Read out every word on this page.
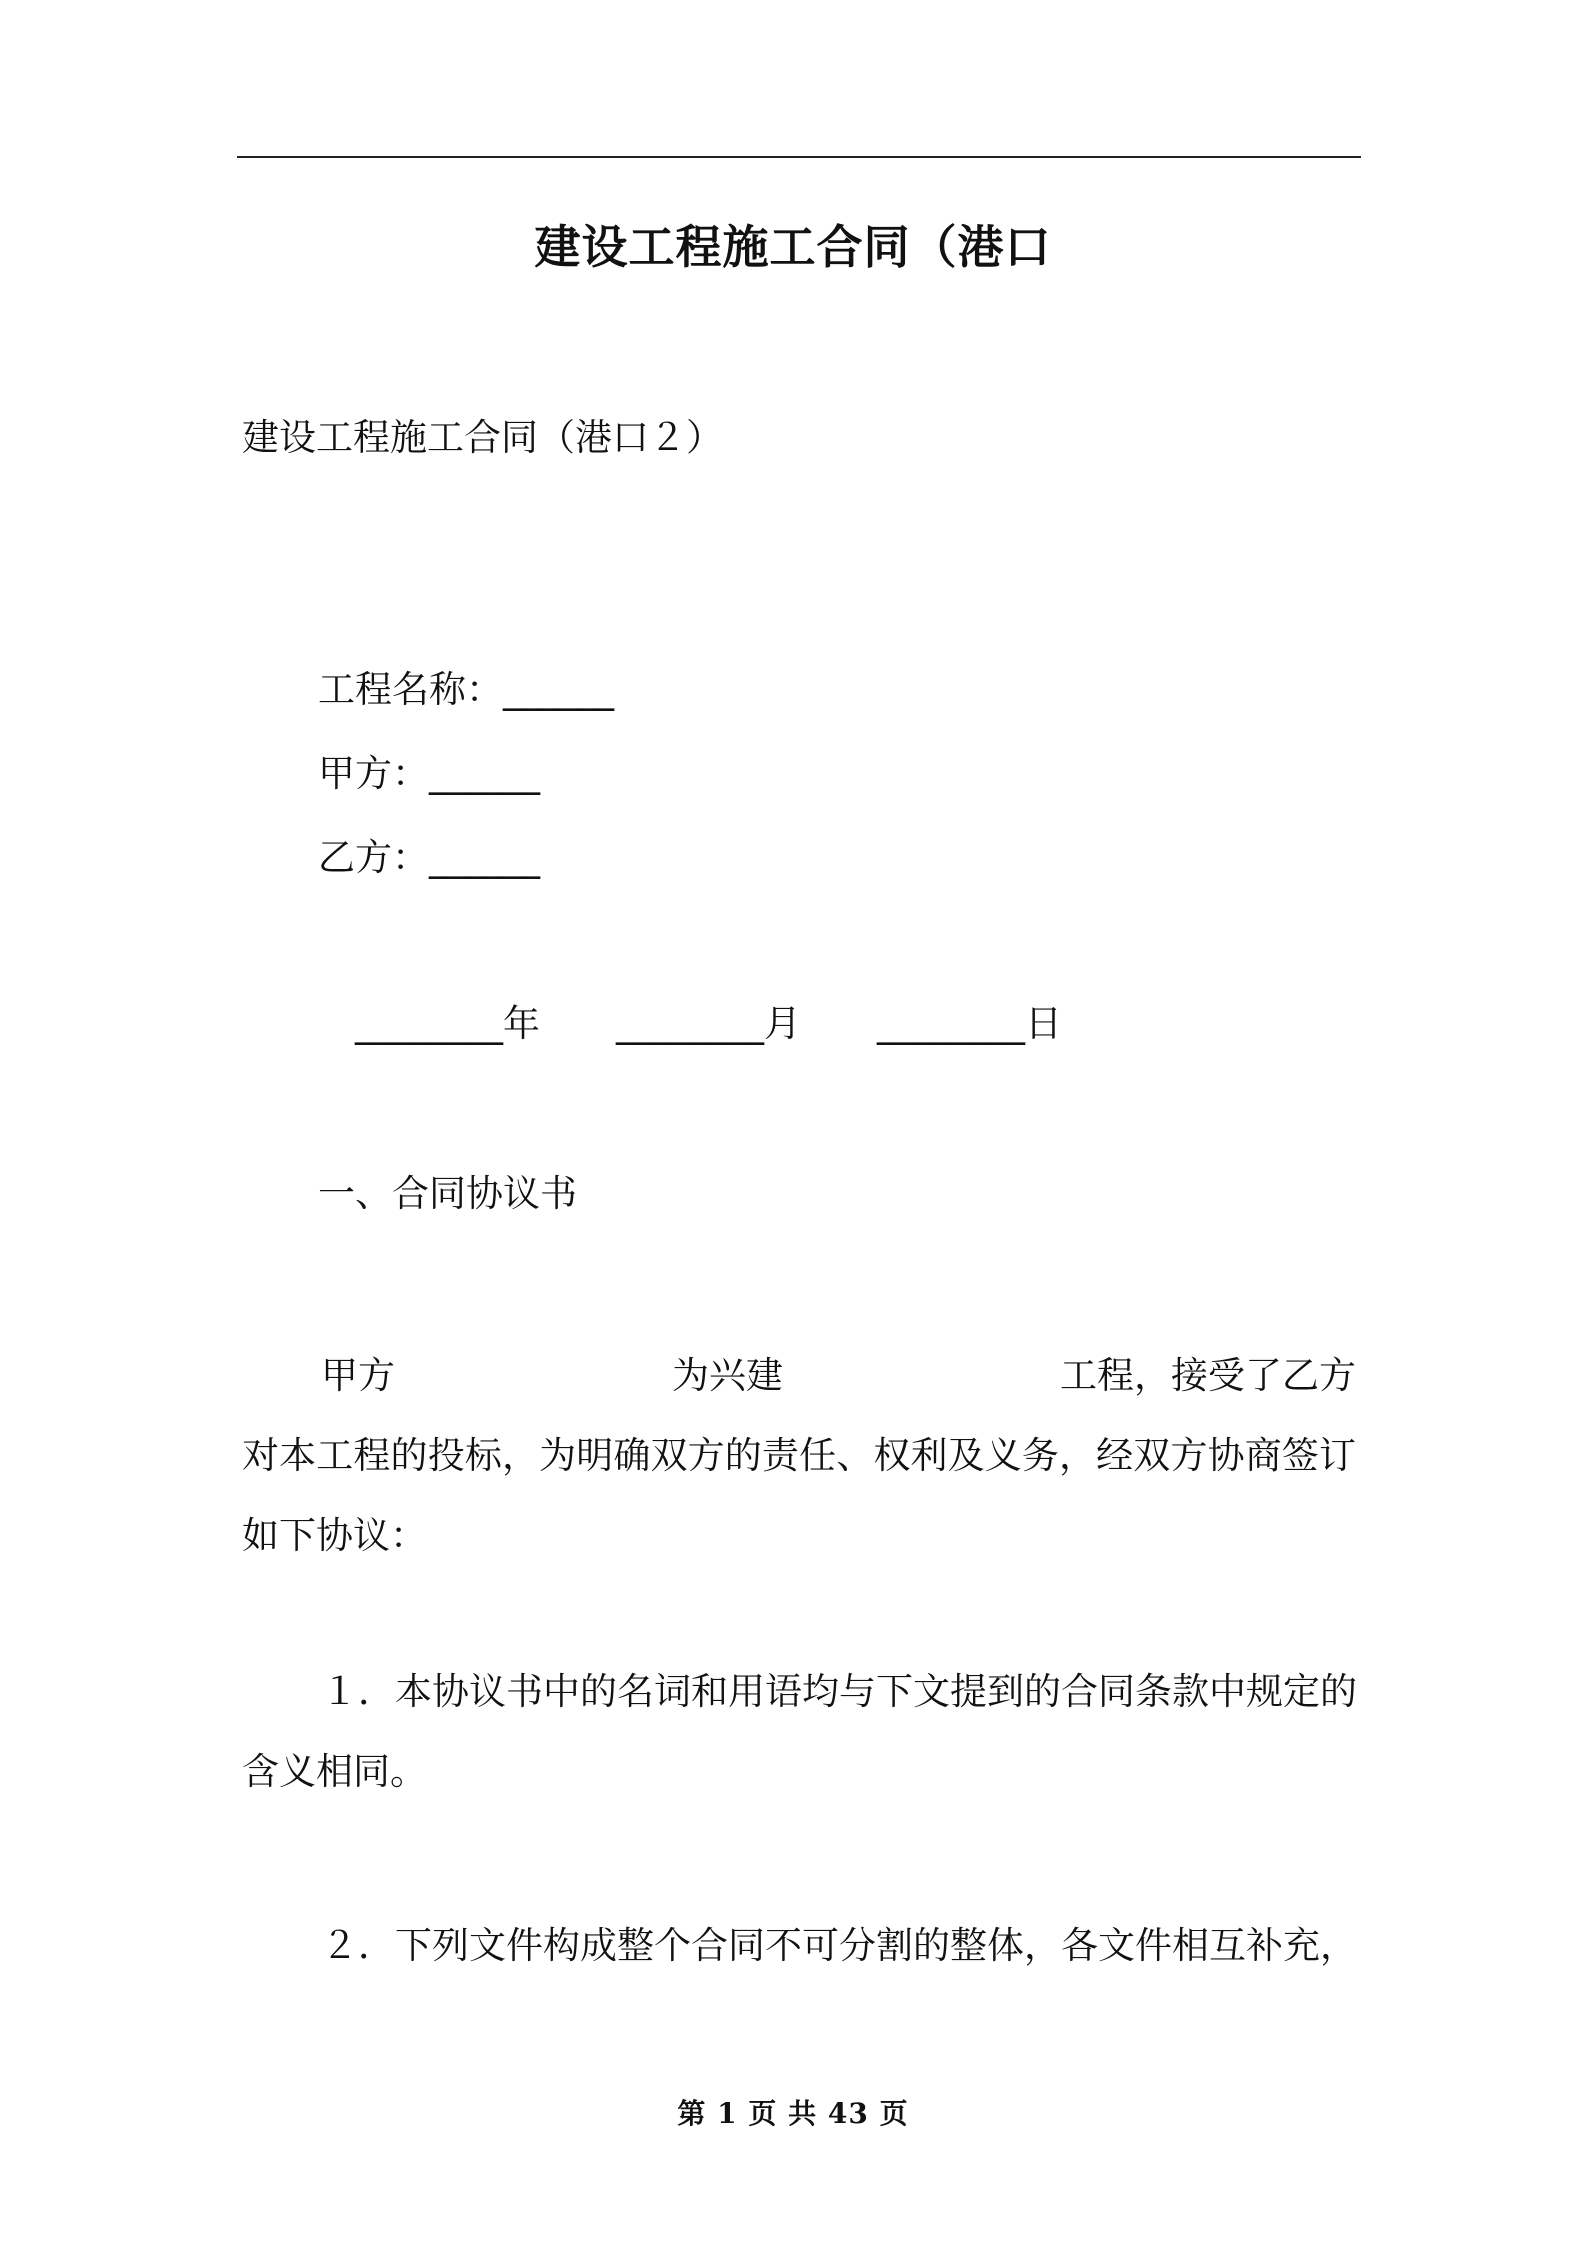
建设工程施工合同（港口
建设工程施工合同（港口２）
工程名称：______
甲方：______
乙方：______
________年 ________月 ________日
一、合同协议书
甲方	为兴建	工程，接受了乙方
对本工程的投标，为明确双方的责任、权利及义务，经双方协商签订
如下协议：
１．本协议书中的名词和用语均与下文提到的合同条款中规定的
含义相同。
２．下列文件构成整个合同不可分割的整体，各文件相互补充，
第 1 页 共 43 页
